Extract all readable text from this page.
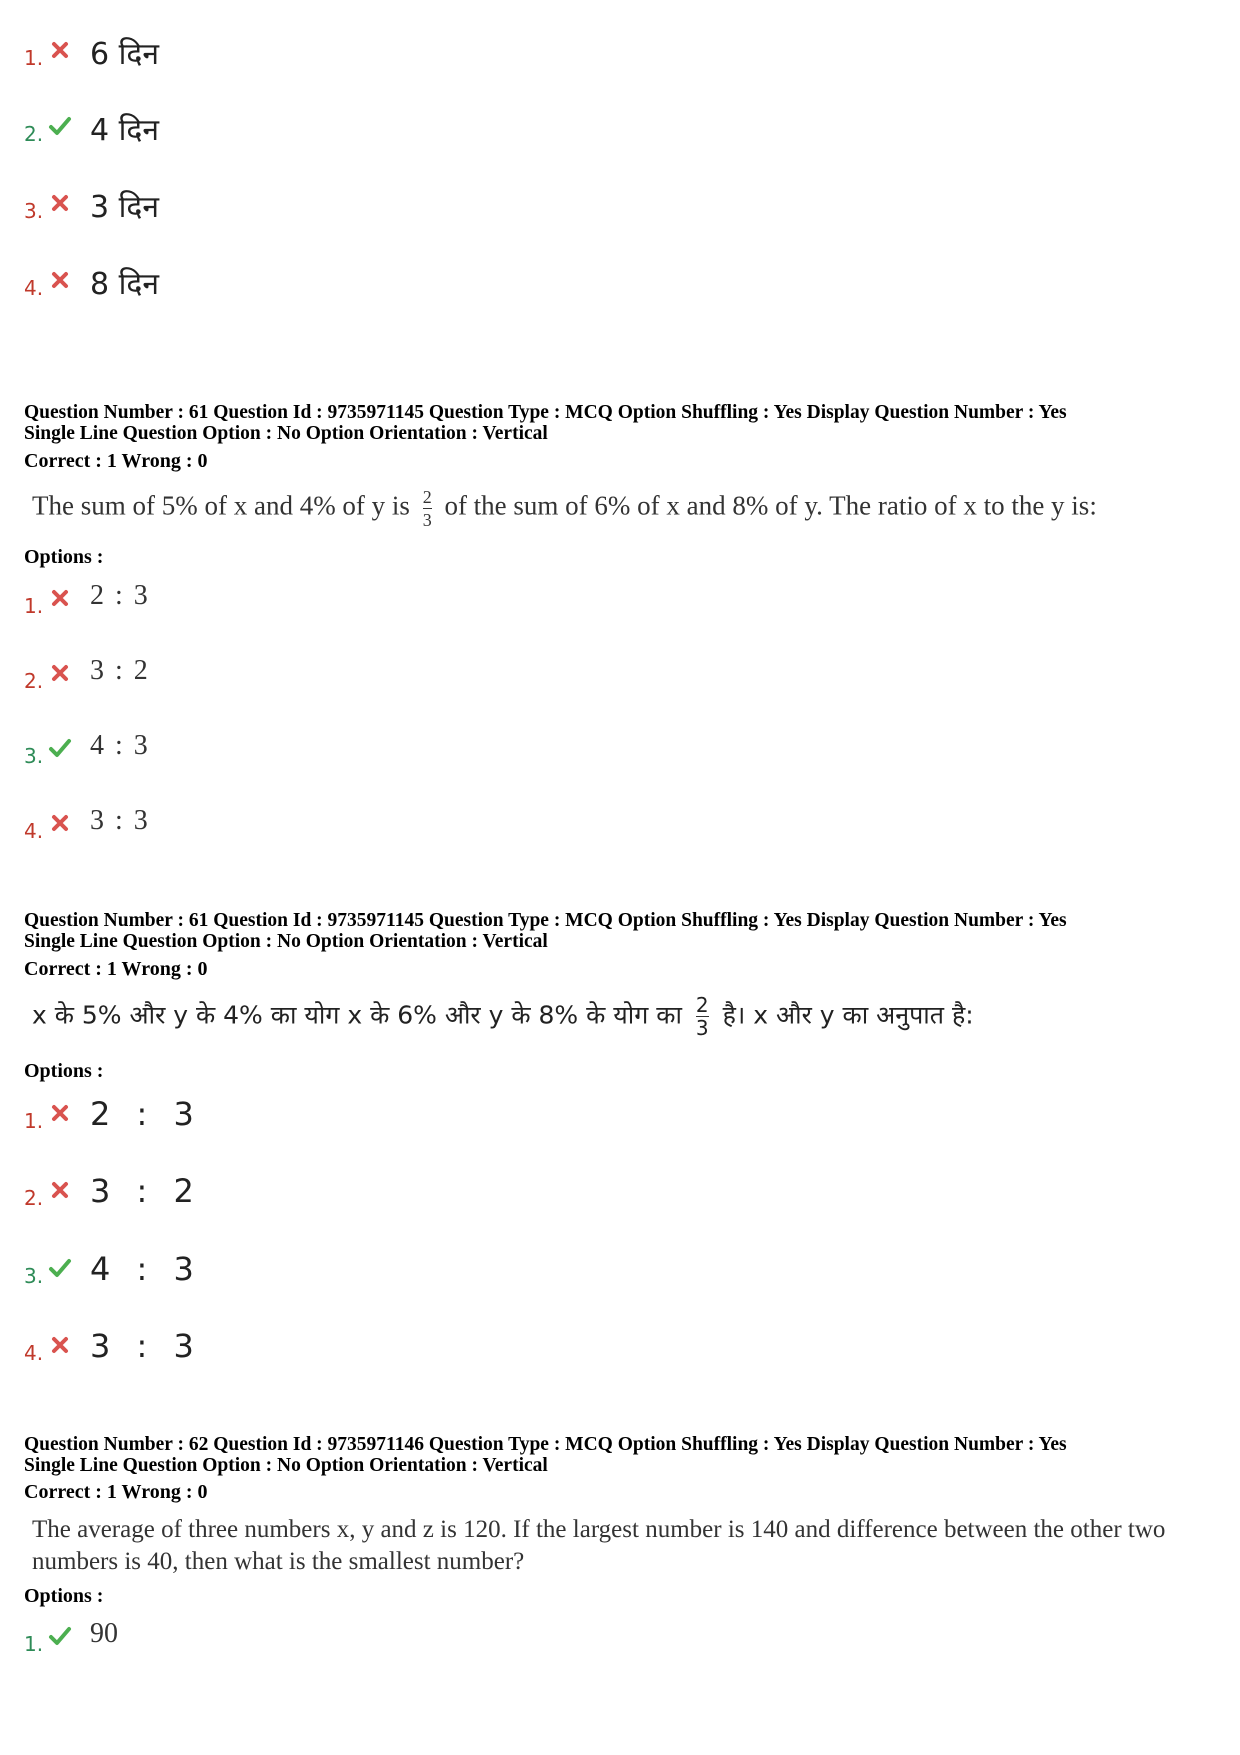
1. 6 दिन
2. 4 दिन
3. 3 दिन
4. 8 दिन
Question Number : 61 Question Id : 9735971145 Question Type : MCQ Option Shuffling : Yes Display Question Number : Yes
Single Line Question Option : No Option Orientation : Vertical
Correct : 1 Wrong : 0
The sum of 5% of x and 4% of y is $\frac{2}{3}$ of the sum of 6% of x and 8% of y. The ratio of x to the y is:
Options :
1. 2 : 3
2. 3 : 2
3. 4 : 3
4. 3 : 3
Question Number : 61 Question Id : 9735971145 Question Type : MCQ Option Shuffling : Yes Display Question Number : Yes
Single Line Question Option : No Option Orientation : Vertical
Correct : 1 Wrong : 0
x के 5% और y के 4% का योग x के 6% और y के 8% के योग का $\frac{2}{3}$ है। x और y का अनुपात है:
Options :
1. 2 : 3
2. 3 : 2
3. 4 : 3
4. 3 : 3
Question Number : 62 Question Id : 9735971146 Question Type : MCQ Option Shuffling : Yes Display Question Number : Yes
Single Line Question Option : No Option Orientation : Vertical
Correct : 1 Wrong : 0
The average of three numbers x, y and z is 120. If the largest number is 140 and difference between the other two
numbers is 40, then what is the smallest number?
Options :
1. 90
